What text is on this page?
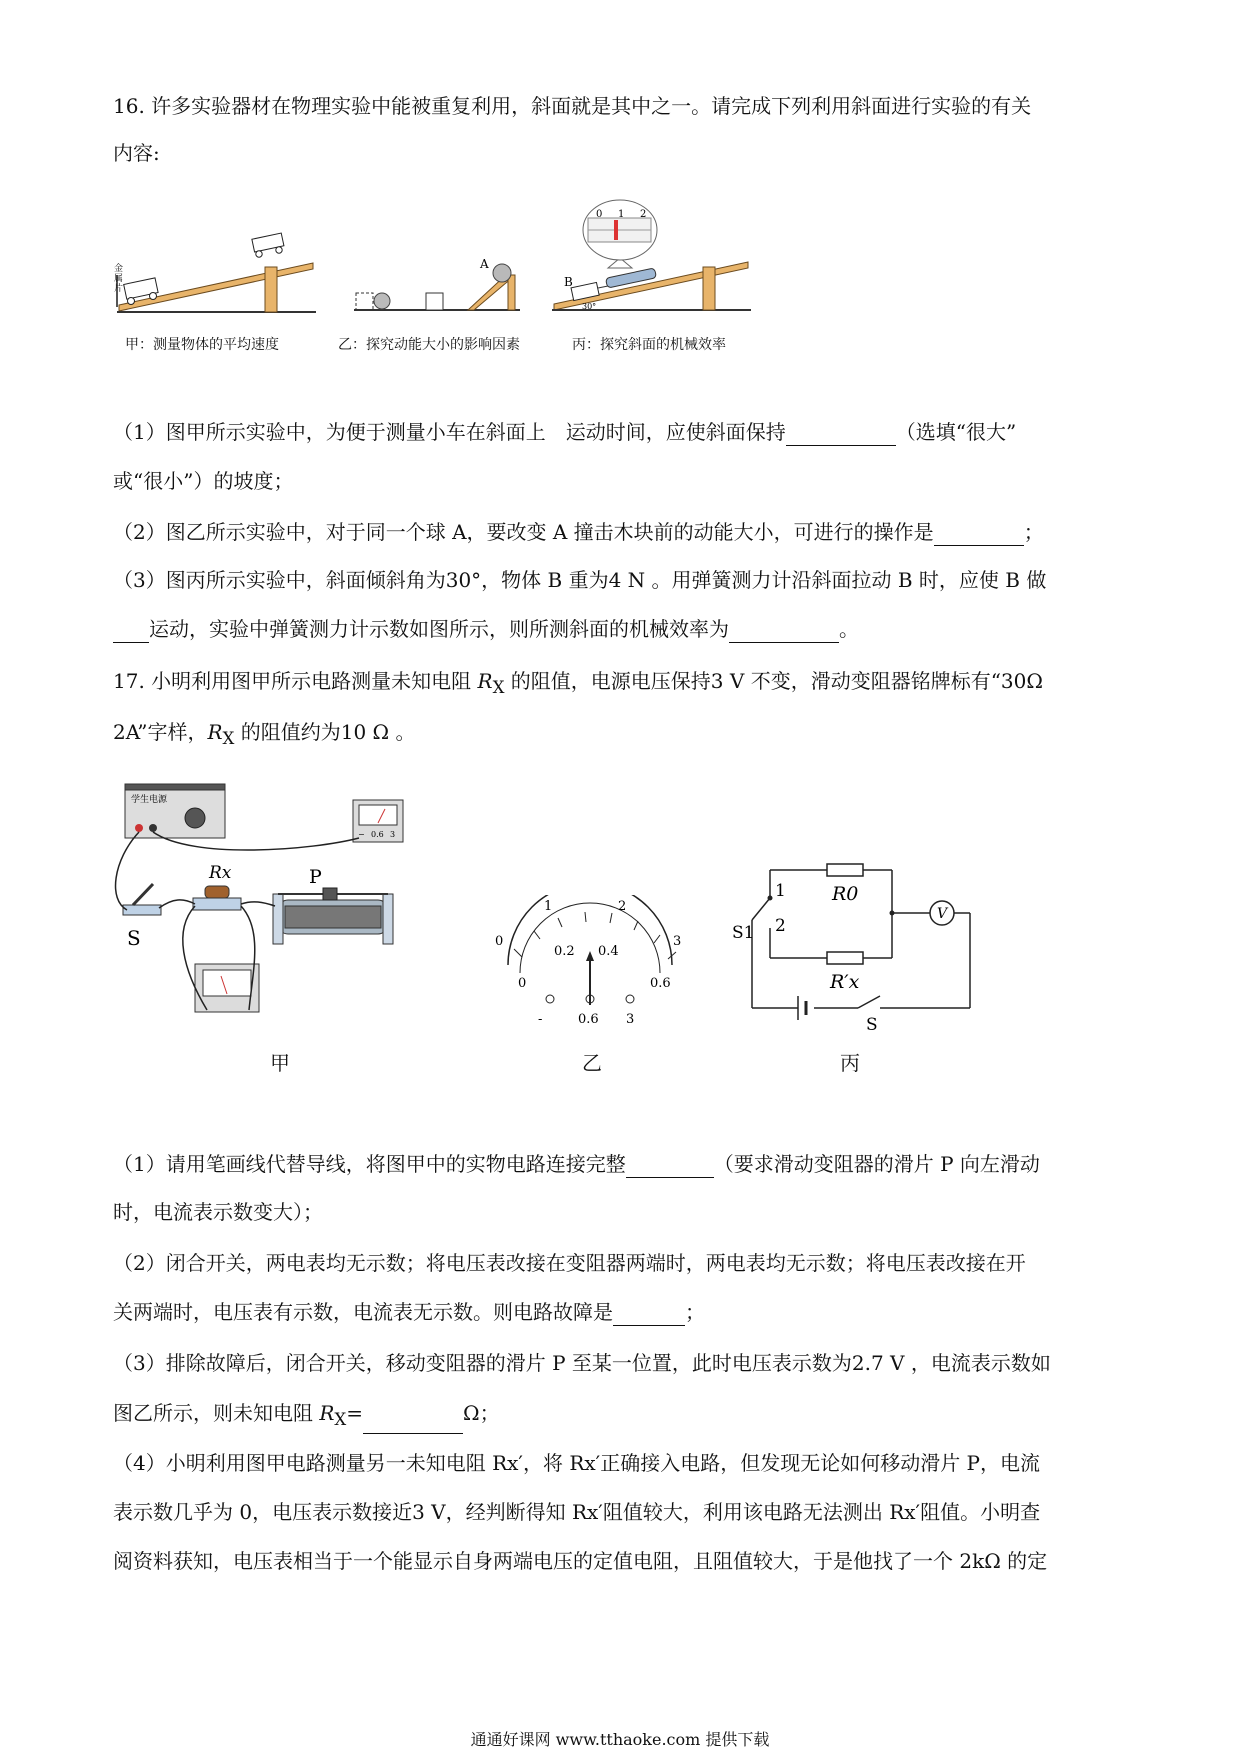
16. 许多实验器材在物理实验中能被重复利用，斜面就是其中之一。请完成下列利用斜面进行实验的有关
内容:
金属片
A
0 1 2
B
30°
甲：测量物体的平均速度	乙：探究动能大小的影响因素	丙：探究斜面的机械效率
（1）图甲所示实验中，为便于测量小车在斜面上　运动时间，应使斜面保持	（选填“很大”
或“很小”）的坡度；
（2）图乙所示实验中，对于同一个球 A，要改变 A 撞击木块前的动能大小，可进行的操作是	；
（3）图丙所示实验中，斜面倾斜角为30°，物体 B 重为4 N 。用弹簧测力计沿斜面拉动 B 时，应使 B 做
运动，实验中弹簧测力计示数如图所示，则所测斜面的机械效率为	。
17. 小明利用图甲所示电路测量未知电阻 $R_X$ 的阻值，电源电压保持3 V 不变，滑动变阻器铭牌标有“30Ω
2A”字样，$R_X$ 的阻值约为10 Ω 。
学生电源
− 0.6 3
S
Rx	P
0
1	2
3
0
0.2 0.4
0.6
-	0.6 3
V
R0
R′x
1
2
S1
S
甲	乙	丙
（1）请用笔画线代替导线，将图甲中的实物电路连接完整	（要求滑动变阻器的滑片 P 向左滑动
时，电流表示数变大）；
（2）闭合开关，两电表均无示数；将电压表改接在变阻器两端时，两电表均无示数；将电压表改接在开
关两端时，电压表有示数，电流表无示数。则电路故障是	；
（3）排除故障后，闭合开关，移动变阻器的滑片 P 至某一位置，此时电压表示数为2.7 V ，电流表示数如
图乙所示，则未知电阻 $R_X=$	Ω；
（4）小明利用图甲电路测量另一未知电阻 Rx′，将 Rx′正确接入电路，但发现无论如何移动滑片 P，电流
表示数几乎为 0，电压表示数接近3 V，经判断得知 Rx′阻值较大，利用该电路无法测出 Rx′阻值。小明查
阅资料获知，电压表相当于一个能显示自身两端电压的定值电阻，且阻值较大，于是他找了一个 2kΩ 的定
通通好课网 www.tthaoke.com 提供下载
